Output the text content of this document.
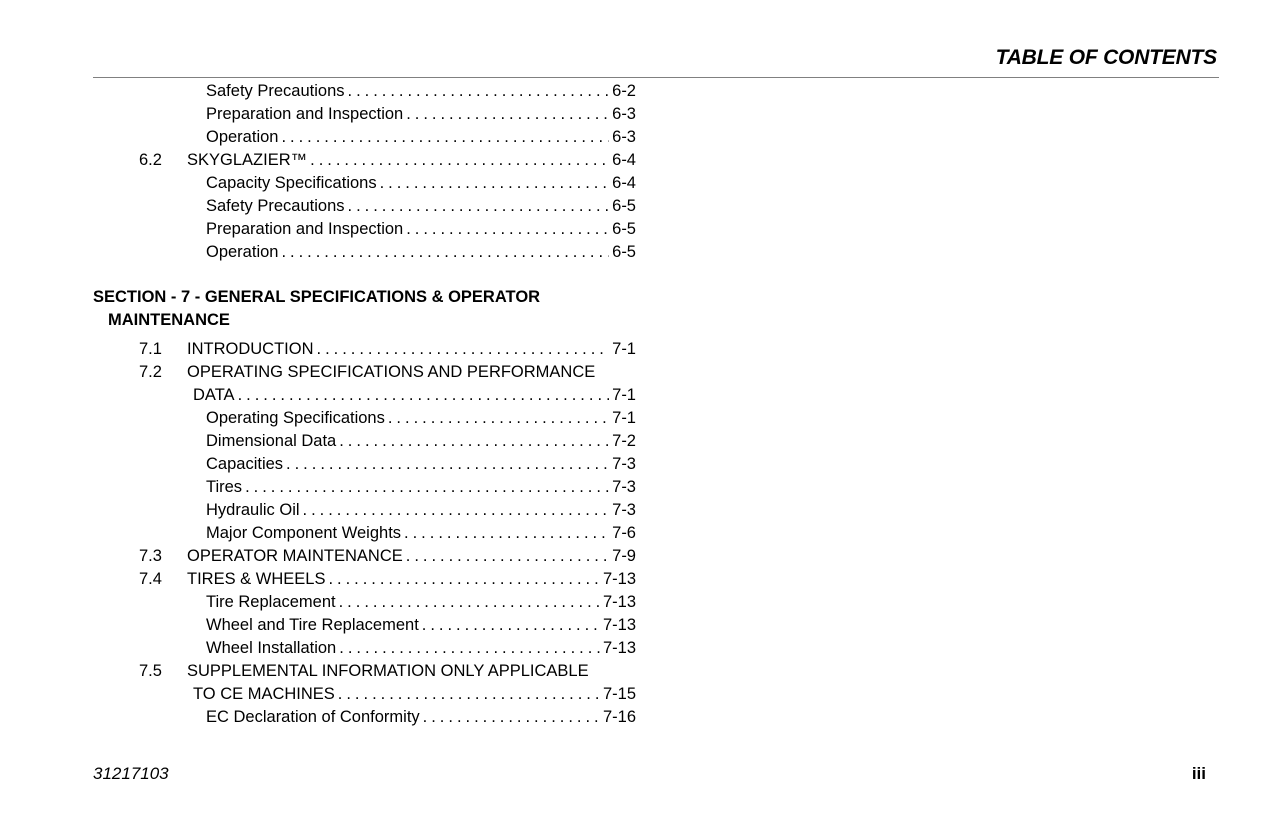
TABLE OF CONTENTS
Safety Precautions . . .	6-2
Preparation and Inspection . . .	6-3
Operation . . .	6-3
6.2 SKYGLAZIER™ . . .	6-4
Capacity Specifications . . .	6-4
Safety Precautions . . .	6-5
Preparation and Inspection . . .	6-5
Operation . . .	6-5
SECTION - 7 - GENERAL SPECIFICATIONS & OPERATOR
MAINTENANCE
7.1 INTRODUCTION . . .	7-1
7.2 OPERATING SPECIFICATIONS AND PERFORMANCE
DATA . . .	7-1
Operating Specifications . . .	7-1
Dimensional Data . . .	7-2
Capacities . . .	7-3
Tires . . .	7-3
Hydraulic Oil . . .	7-3
Major Component Weights . . .	7-6
7.3 OPERATOR MAINTENANCE . . .	7-9
7.4 TIRES & WHEELS . . .	7-13
Tire Replacement . . .	7-13
Wheel and Tire Replacement . . .	7-13
Wheel Installation . . .	7-13
7.5 SUPPLEMENTAL INFORMATION ONLY APPLICABLE
TO CE MACHINES . . .	7-15
EC Declaration of Conformity . . .	7-16
31217103	iii
